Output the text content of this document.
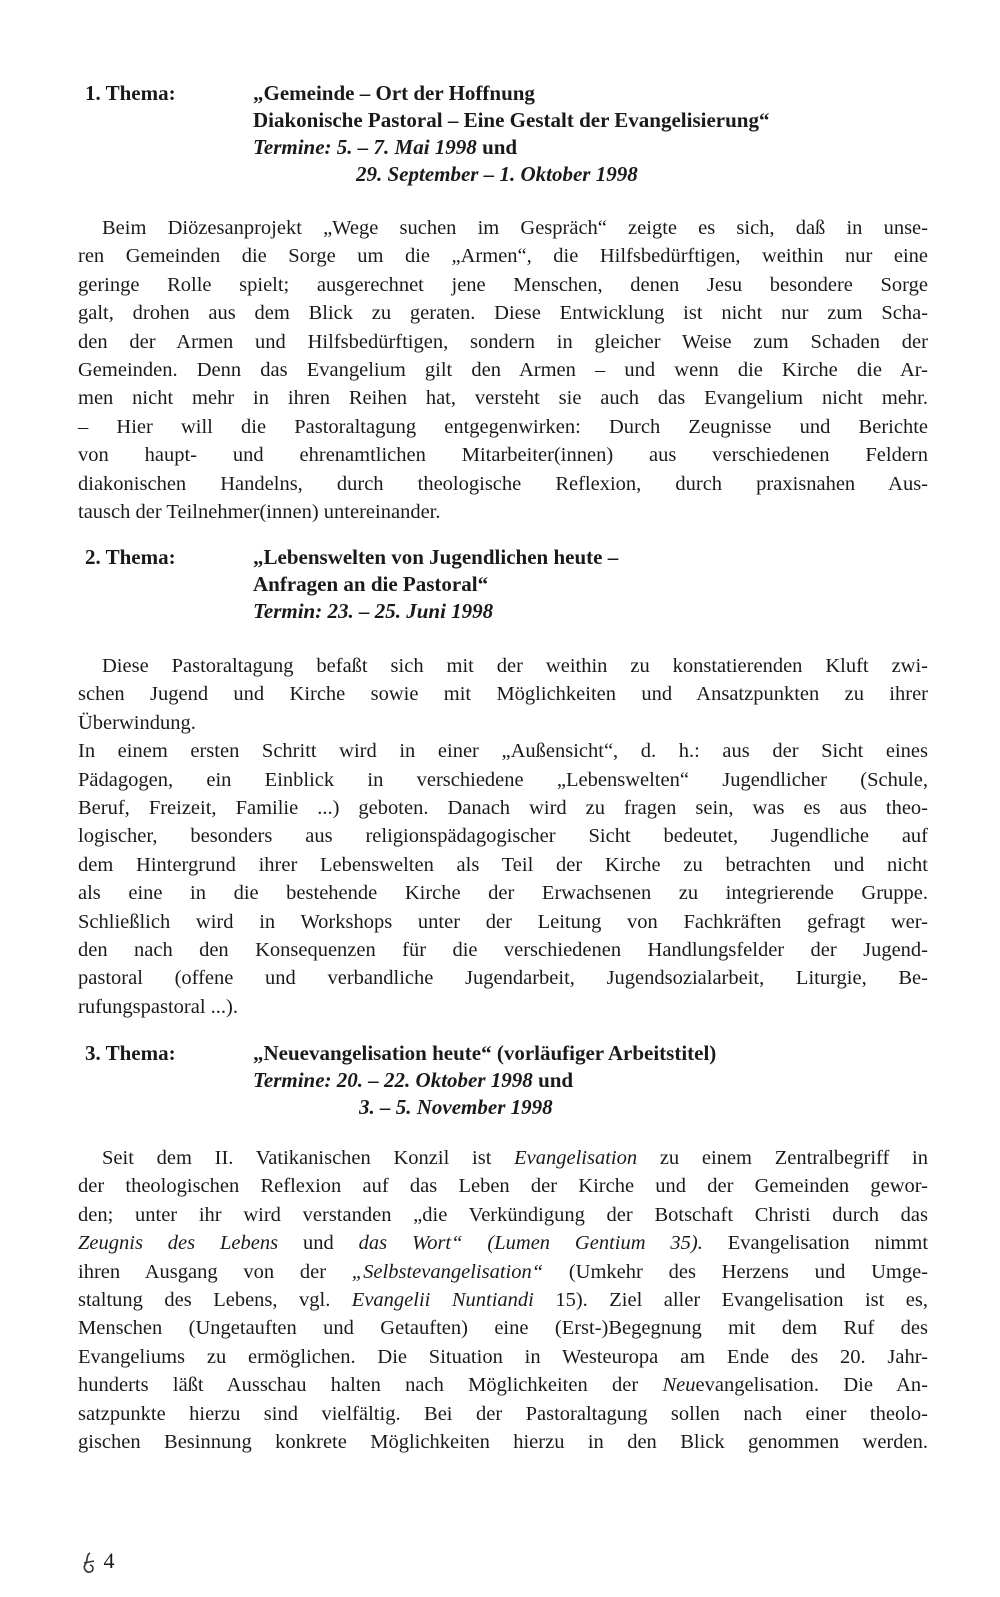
1. Thema:	„Gemeinde – Ort der Hoffnung
Diakonische Pastoral – Eine Gestalt der Evangelisierung“
Termine: 5. – 7. Mai 1998 und
29. September – 1. Oktober 1998
Beim Diözesanprojekt „Wege suchen im Gespräch“ zeigte es sich, daß in unse-
ren Gemeinden die Sorge um die „Armen“, die Hilfsbedürftigen, weithin nur eine
geringe Rolle spielt; ausgerechnet jene Menschen, denen Jesu besondere Sorge
galt, drohen aus dem Blick zu geraten. Diese Entwicklung ist nicht nur zum Scha-
den der Armen und Hilfsbedürftigen, sondern in gleicher Weise zum Schaden der
Gemeinden. Denn das Evangelium gilt den Armen – und wenn die Kirche die Ar-
men nicht mehr in ihren Reihen hat, versteht sie auch das Evangelium nicht mehr.
– Hier will die Pastoraltagung entgegenwirken: Durch Zeugnisse und Berichte
von haupt- und ehrenamtlichen Mitarbeiter(innen) aus verschiedenen Feldern
diakonischen Handelns, durch theologische Reflexion, durch praxisnahen Aus-
tausch der Teilnehmer(innen) untereinander.
2. Thema:	„Lebenswelten von Jugendlichen heute –
Anfragen an die Pastoral“
Termin: 23. – 25. Juni 1998
Diese Pastoraltagung befaßt sich mit der weithin zu konstatierenden Kluft zwi-
schen Jugend und Kirche sowie mit Möglichkeiten und Ansatzpunkten zu ihrer
Überwindung.
In einem ersten Schritt wird in einer „Außensicht“, d. h.: aus der Sicht eines
Pädagogen, ein Einblick in verschiedene „Lebenswelten“ Jugendlicher (Schule,
Beruf, Freizeit, Familie ...) geboten. Danach wird zu fragen sein, was es aus theo-
logischer, besonders aus religionspädagogischer Sicht bedeutet, Jugendliche auf
dem Hintergrund ihrer Lebenswelten als Teil der Kirche zu betrachten und nicht
als eine in die bestehende Kirche der Erwachsenen zu integrierende Gruppe.
Schließlich wird in Workshops unter der Leitung von Fachkräften gefragt wer-
den nach den Konsequenzen für die verschiedenen Handlungsfelder der Jugend-
pastoral (offene und verbandliche Jugendarbeit, Jugendsozialarbeit, Liturgie, Be-
rufungspastoral ...).
3. Thema:	„Neuevangelisation heute“ (vorläufiger Arbeitstitel)
Termine: 20. – 22. Oktober 1998 und
3. – 5. November 1998
Seit dem II. Vatikanischen Konzil ist Evangelisation zu einem Zentralbegriff in
der theologischen Reflexion auf das Leben der Kirche und der Gemeinden gewor-
den; unter ihr wird verstanden „die Verkündigung der Botschaft Christi durch das
Zeugnis des Lebens und das Wort“ (Lumen Gentium 35). Evangelisation nimmt
ihren Ausgang von der „Selbstevangelisation“ (Umkehr des Herzens und Umge-
staltung des Lebens, vgl. Evangelii Nuntiandi 15). Ziel aller Evangelisation ist es,
Menschen (Ungetauften und Getauften) eine (Erst-)Begegnung mit dem Ruf des
Evangeliums zu ermöglichen. Die Situation in Westeuropa am Ende des 20. Jahr-
hunderts läßt Ausschau halten nach Möglichkeiten der Neuevangelisation. Die An-
satzpunkte hierzu sind vielfältig. Bei der Pastoraltagung sollen nach einer theolo-
gischen Besinnung konkrete Möglichkeiten hierzu in den Blick genommen werden.
4
